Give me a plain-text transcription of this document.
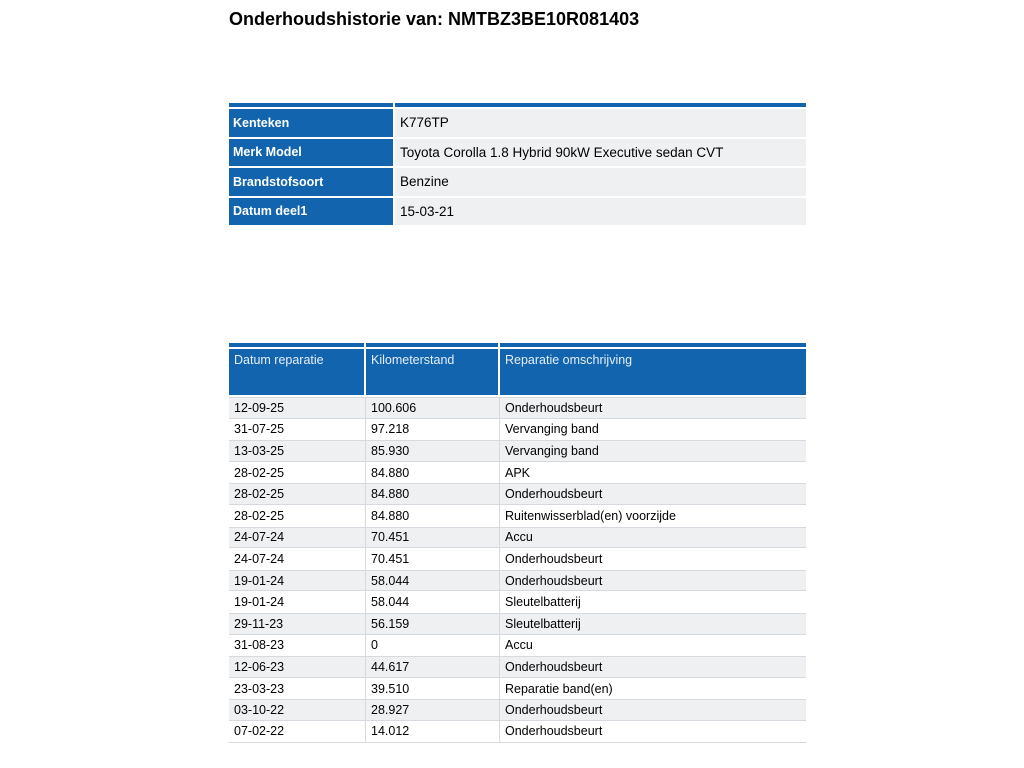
Onderhoudshistorie van: NMTBZ3BE10R081403

Kenteken	K776TP
Merk Model	Toyota Corolla 1.8 Hybrid 90kW Executive sedan CVT
Brandstofsoort	Benzine
Datum deel1	15-03-21

Datum reparatie	Kilometerstand	Reparatie omschrijving
12-09-25	100.606	Onderhoudsbeurt
31-07-25	97.218	Vervanging band
13-03-25	85.930	Vervanging band
28-02-25	84.880	APK
28-02-25	84.880	Onderhoudsbeurt
28-02-25	84.880	Ruitenwisserblad(en) voorzijde
24-07-24	70.451	Accu
24-07-24	70.451	Onderhoudsbeurt
19-01-24	58.044	Onderhoudsbeurt
19-01-24	58.044	Sleutelbatterij
29-11-23	56.159	Sleutelbatterij
31-08-23	0	Accu
12-06-23	44.617	Onderhoudsbeurt
23-03-23	39.510	Reparatie band(en)
03-10-22	28.927	Onderhoudsbeurt
07-02-22	14.012	Onderhoudsbeurt
